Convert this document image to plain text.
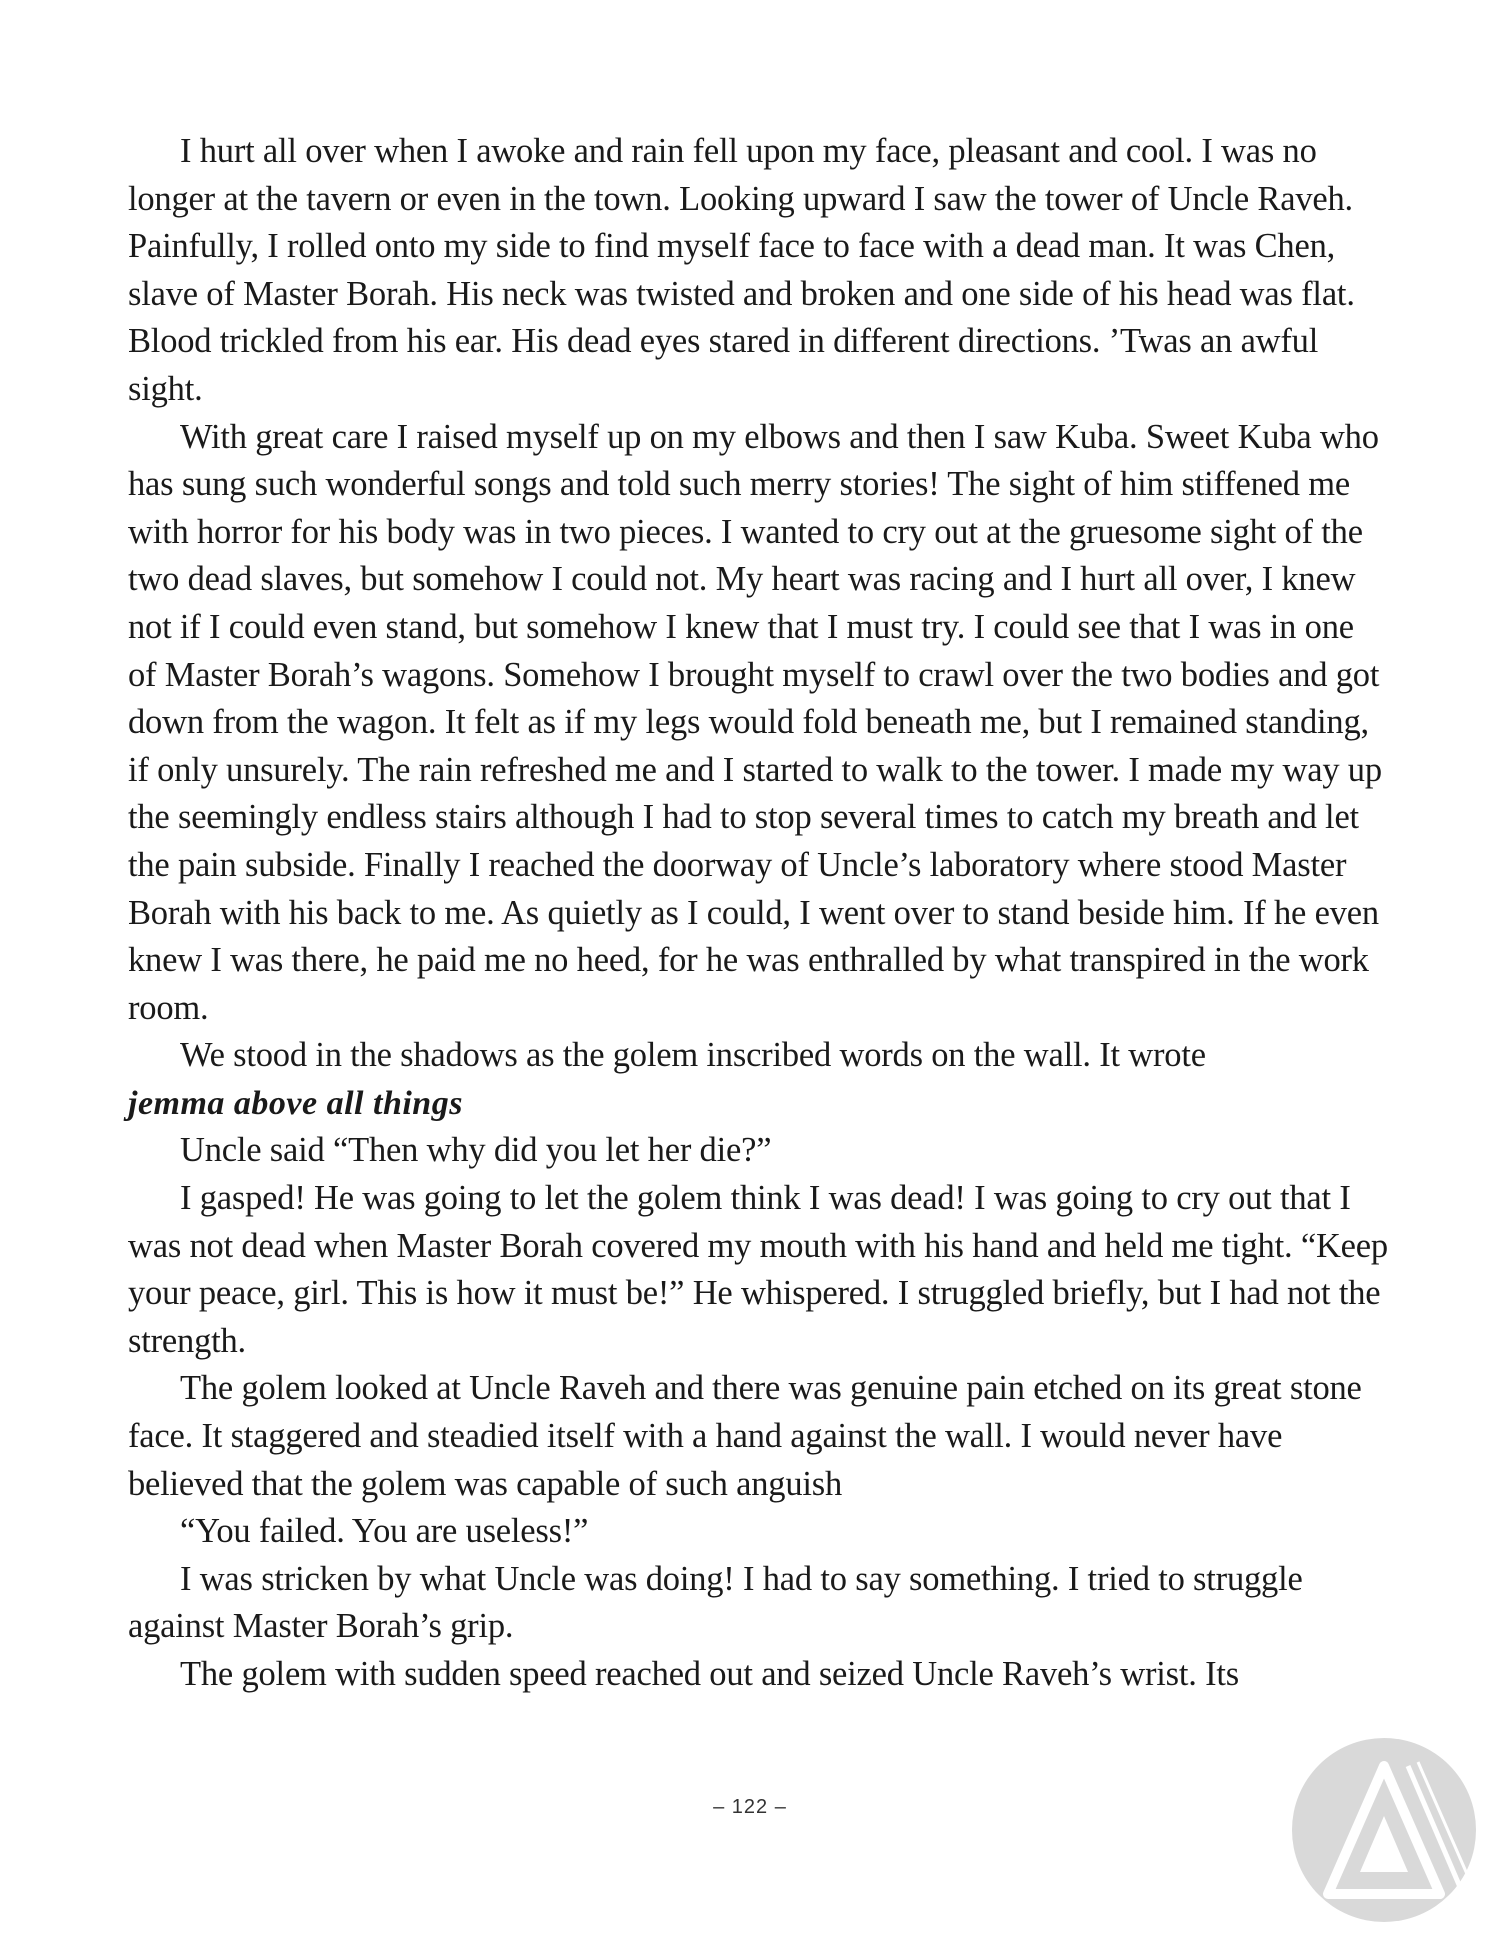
I hurt all over when I awoke and rain fell upon my face, pleasant and cool. I was no longer at the tavern or even in the town. Looking upward I saw the tower of Uncle Raveh. Painfully, I rolled onto my side to find myself face to face with a dead man. It was Chen, slave of Master Borah. His neck was twisted and broken and one side of his head was flat. Blood trickled from his ear. His dead eyes stared in different directions. ’Twas an awful sight.

With great care I raised myself up on my elbows and then I saw Kuba. Sweet Kuba who has sung such wonderful songs and told such merry stories! The sight of him stiffened me with horror for his body was in two pieces. I wanted to cry out at the gruesome sight of the two dead slaves, but somehow I could not. My heart was racing and I hurt all over, I knew not if I could even stand, but somehow I knew that I must try. I could see that I was in one of Master Borah’s wagons. Somehow I brought myself to crawl over the two bodies and got down from the wagon. It felt as if my legs would fold beneath me, but I remained standing, if only unsurely. The rain refreshed me and I started to walk to the tower. I made my way up the seemingly endless stairs although I had to stop several times to catch my breath and let the pain subside. Finally I reached the doorway of Uncle’s laboratory where stood Master Borah with his back to me. As quietly as I could, I went over to stand beside him. If he even knew I was there, he paid me no heed, for he was enthralled by what transpired in the work room.

We stood in the shadows as the golem inscribed words on the wall. It wrote

jemma above all things

Uncle said “Then why did you let her die?”

I gasped! He was going to let the golem think I was dead! I was going to cry out that I was not dead when Master Borah covered my mouth with his hand and held me tight. “Keep your peace, girl. This is how it must be!” He whispered. I struggled briefly, but I had not the strength.

The golem looked at Uncle Raveh and there was genuine pain etched on its great stone face. It staggered and steadied itself with a hand against the wall. I would never have believed that the golem was capable of such anguish

“You failed. You are useless!”

I was stricken by what Uncle was doing! I had to say something. I tried to struggle against Master Borah’s grip.

The golem with sudden speed reached out and seized Uncle Raveh’s wrist. Its

– 122 –
